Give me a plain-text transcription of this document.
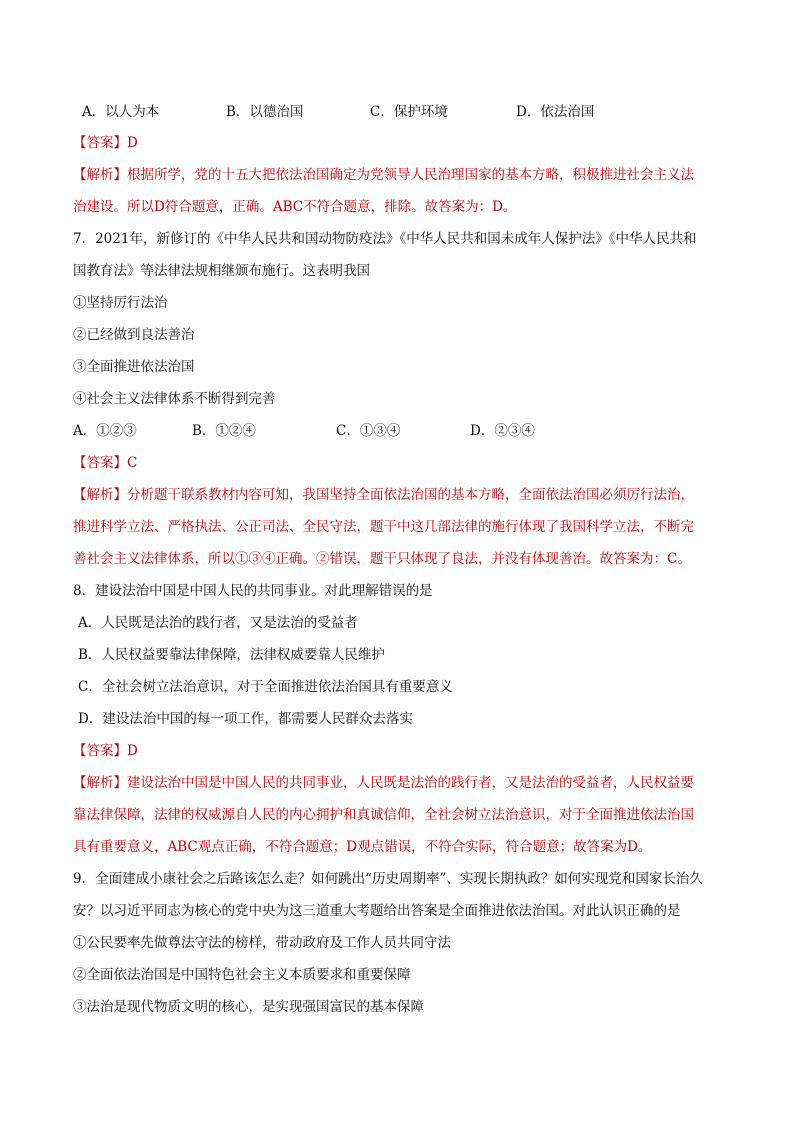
A．以人为本	B．以德治国	C．保护环境	D．依法治国
【答案】D
【解析】根据所学，党的十五大把依法治国确定为党领导人民治理国家的基本方略，积极推进社会主义法
治建设。所以D符合题意，正确。ABC不符合题意，排除。故答案为：D。
7．2021年，新修订的《中华人民共和国动物防疫法》《中华人民共和国未成年人保护法》《中华人民共和
国教育法》等法律法规相继颁布施行。这表明我国
①坚持厉行法治
②已经做到良法善治
③全面推进依法治国
④社会主义法律体系不断得到完善
A．①②③	B．①②④	C．①③④	D．②③④
【答案】C
【解析】分析题干联系教材内容可知，我国坚持全面依法治国的基本方略，全面依法治国必须厉行法治，
推进科学立法、严格执法、公正司法、全民守法，题干中这几部法律的施行体现了我国科学立法，不断完
善社会主义法律体系，所以①③④正确。②错误，题干只体现了良法，并没有体现善治。故答案为：C。
8．建设法治中国是中国人民的共同事业。对此理解错误的是
A．人民既是法治的践行者，又是法治的受益者
B．人民权益要靠法律保障，法律权威要靠人民维护
C．全社会树立法治意识，对于全面推进依法治国具有重要意义
D．建设法治中国的每一项工作，都需要人民群众去落实
【答案】D
【解析】建设法治中国是中国人民的共同事业，人民既是法治的践行者，又是法治的受益者，人民权益要
靠法律保障，法律的权威源自人民的内心拥护和真诚信仰，全社会树立法治意识，对于全面推进依法治国
具有重要意义，ABC观点正确，不符合题意；D观点错误，不符合实际，符合题意；故答案为D。
9．全面建成小康社会之后路该怎么走？如何跳出“历史周期率”、实现长期执政？如何实现党和国家长治久
安？以习近平同志为核心的党中央为这三道重大考题给出答案是全面推进依法治国。对此认识正确的是
①公民要率先做尊法守法的榜样，带动政府及工作人员共同守法
②全面依法治国是中国特色社会主义本质要求和重要保障
③法治是现代物质文明的核心，是实现强国富民的基本保障
